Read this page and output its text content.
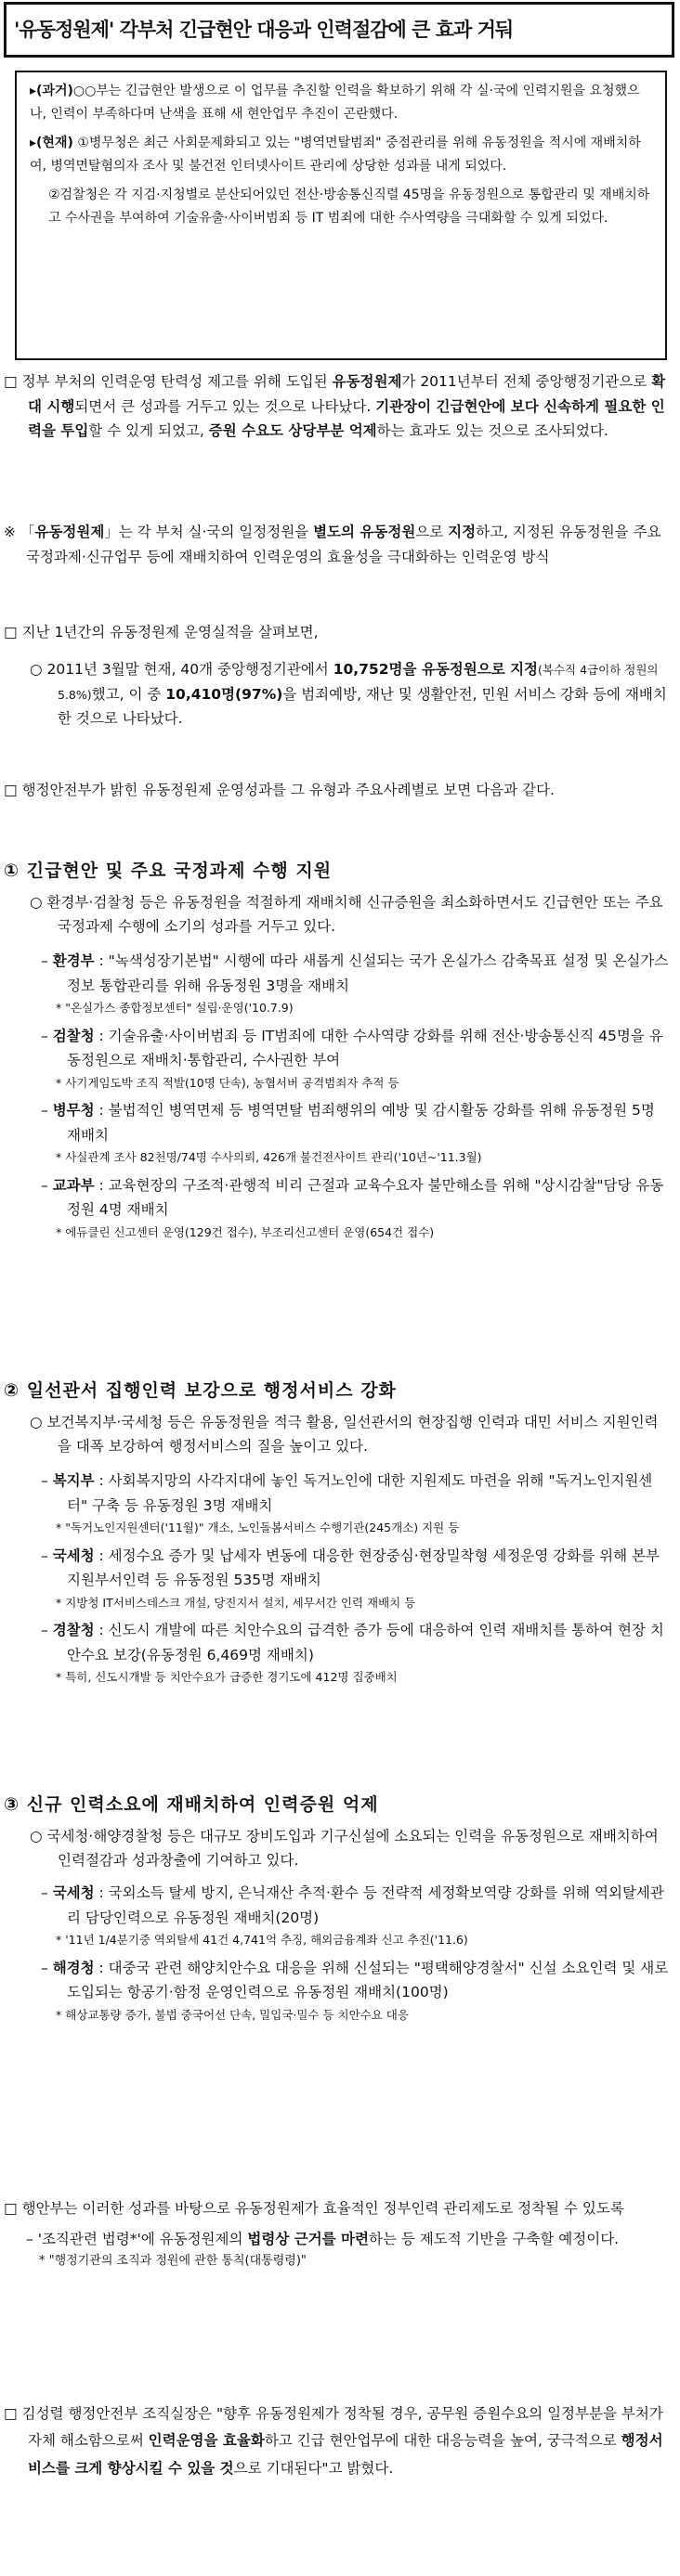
'유동정원제' 각부처 긴급현안 대응과 인력절감에 큰 효과 거둬

▸(과거)○○부는 긴급현안 발생으로 이 업무를 추진할 인력을 확보하기 위해 각 실·국에 인력지원을 요청했으나, 인력이 부족하다며 난색을 표해 새 현안업무 추진이 곤란했다.

▸(현재) ①병무청은 최근 사회문제화되고 있는 "병역면탈범죄" 중점관리를 위해 유동정원을 적시에 재배치하여, 병역면탈혐의자 조사 및 불건전 인터넷사이트 관리에 상당한 성과를 내게 되었다.

②검찰청은 각 지검·지청별로 분산되어있던 전산·방송통신직렬 45명을 유동정원으로 통합관리 및 재배치하고 수사권을 부여하여 기술유출·사이버범죄 등 IT 범죄에 대한 수사역량을 극대화할 수 있게 되었다.

□ 정부 부처의 인력운영 탄력성 제고를 위해 도입된 유동정원제가 2011년부터 전체 중앙행정기관으로 확대 시행되면서 큰 성과를 거두고 있는 것으로 나타났다. 기관장이 긴급현안에 보다 신속하게 필요한 인력을 투입할 수 있게 되었고, 증원 수요도 상당부분 억제하는 효과도 있는 것으로 조사되었다.

※ 「유동정원제」는 각 부처 실·국의 일정정원을 별도의 유동정원으로 지정하고, 지정된 유동정원을 주요국정과제·신규업무 등에 재배치하여 인력운영의 효율성을 극대화하는 인력운영 방식

□ 지난 1년간의 유동정원제 운영실적을 살펴보면,

○ 2011년 3월말 현재, 40개 중앙행정기관에서 10,752명을 유동정원으로 지정(복수직 4급이하 정원의 5.8%)했고, 이 중 10,410명(97%)을 범죄예방, 재난 및 생활안전, 민원 서비스 강화 등에 재배치한 것으로 나타났다.

□ 행정안전부가 밝힌 유동정원제 운영성과를 그 유형과 주요사례별로 보면 다음과 같다.

① 긴급현안 및 주요 국정과제 수행 지원

○ 환경부·검찰청 등은 유동정원을 적절하게 재배치해 신규증원을 최소화하면서도 긴급현안 또는 주요 국정과제 수행에 소기의 성과를 거두고 있다.

– 환경부 : "녹색성장기본법" 시행에 따라 새롭게 신설되는 국가 온실가스 감축목표 설정 및 온실가스정보 통합관리를 위해 유동정원 3명을 재배치

* "온실가스 종합정보센터" 설립·운영('10.7.9)

– 검찰청 : 기술유출·사이버범죄 등 IT범죄에 대한 수사역량 강화를 위해 전산·방송통신직 45명을 유동정원으로 재배치·통합관리, 수사권한 부여

* 사기게임도박 조직 적발(10명 단속), 농협서버 공격범죄자 추적 등

– 병무청 : 불법적인 병역면제 등 병역면탈 범죄행위의 예방 및 감시활동 강화를 위해 유동정원 5명 재배치

* 사실관계 조사 82천명/74명 수사의뢰, 426개 불건전사이트 관리('10년~'11.3월)

– 교과부 : 교육현장의 구조적·관행적 비리 근절과 교육수요자 불만해소를 위해 "상시감찰"담당 유동정원 4명 재배치

* 에듀클린 신고센터 운영(129건 접수), 부조리신고센터 운영(654건 접수)

② 일선관서 집행인력 보강으로 행정서비스 강화

○ 보건복지부·국세청 등은 유동정원을 적극 활용, 일선관서의 현장집행 인력과 대민 서비스 지원인력을 대폭 보강하여 행정서비스의 질을 높이고 있다.

– 복지부 : 사회복지망의 사각지대에 놓인 독거노인에 대한 지원제도 마련을 위해 "독거노인지원센터" 구축 등 유동정원 3명 재배치

* "독거노인지원센터('11월)" 개소, 노인돌봄서비스 수행기관(245개소) 지원 등

– 국세청 : 세정수요 증가 및 납세자 변동에 대응한 현장중심·현장밀착형 세정운영 강화를 위해 본부 지원부서인력 등 유동정원 535명 재배치

* 지방청 IT서비스데스크 개설, 당진지서 설치, 세무서간 인력 재배치 등

– 경찰청 : 신도시 개발에 따른 치안수요의 급격한 증가 등에 대응하여 인력 재배치를 통하여 현장 치안수요 보강(유동정원 6,469명 재배치)

* 특히, 신도시개발 등 치안수요가 급증한 경기도에 412명 집중배치

③ 신규 인력소요에 재배치하여 인력증원 억제

○ 국세청·해양경찰청 등은 대규모 장비도입과 기구신설에 소요되는 인력을 유동정원으로 재배치하여 인력절감과 성과창출에 기여하고 있다.

– 국세청 : 국외소득 탈세 방지, 은닉재산 추적·환수 등 전략적 세정확보역량 강화를 위해 역외탈세관리 담당인력으로 유동정원 재배치(20명)

* '11년 1/4분기중 역외탈세 41건 4,741억 추징, 해외금융계좌 신고 추진('11.6)

– 해경청 : 대중국 관련 해양치안수요 대응을 위해 신설되는 "평택해양경찰서" 신설 소요인력 및 새로 도입되는 항공기·함정 운영인력으로 유동정원 재배치(100명)

* 해상교통량 증가, 불법 중국어선 단속, 밀입국·밀수 등 치안수요 대응

□ 행안부는 이러한 성과를 바탕으로 유동정원제가 효율적인 정부인력 관리제도로 정착될 수 있도록

– '조직관련 법령*'에 유동정원제의 법령상 근거를 마련하는 등 제도적 기반을 구축할 예정이다.

* "행정기관의 조직과 정원에 관한 통칙(대통령령)"

□ 김성렬 행정안전부 조직실장은 "향후 유동정원제가 정착될 경우, 공무원 증원수요의 일정부분을 부처가 자체 해소함으로써 인력운영을 효율화하고 긴급 현안업무에 대한 대응능력을 높여, 궁극적으로 행정서비스를 크게 향상시킬 수 있을 것으로 기대된다"고 밝혔다.
